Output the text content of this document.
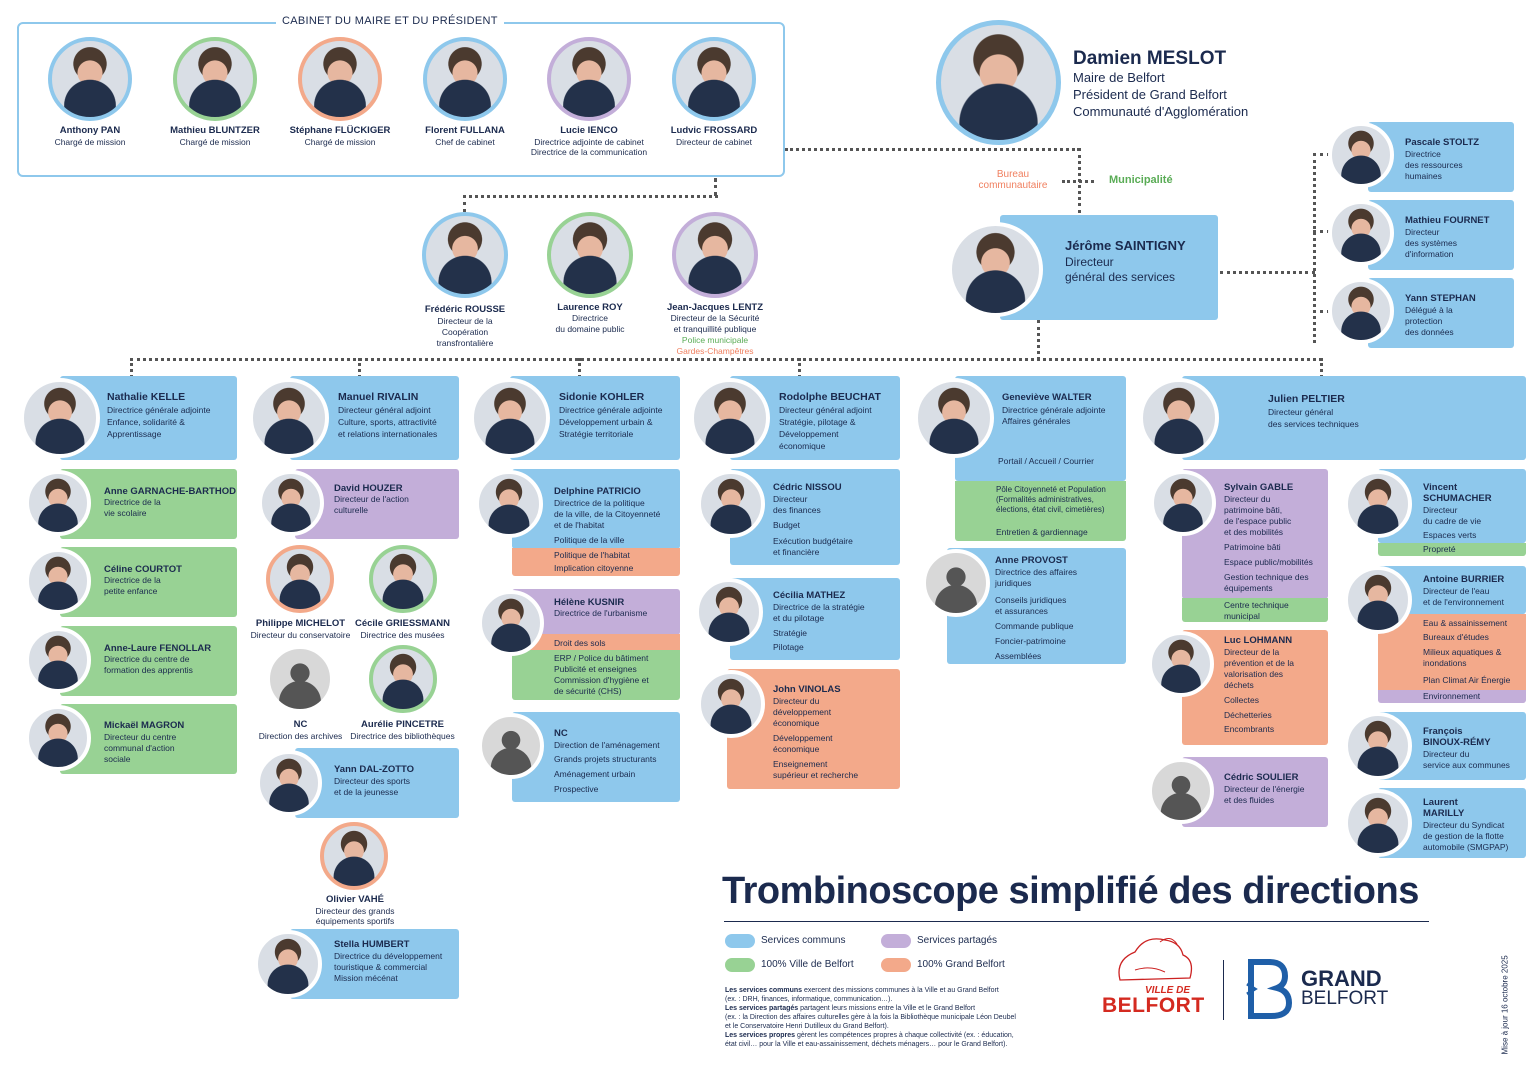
CABINET DU MAIRE ET DU PRÉSIDENT
Anthony PAN
Chargé de mission
Mathieu BLUNTZER
Chargé de mission
Stéphane FLÜCKIGER
Chargé de mission
Florent FULLANA
Chef de cabinet
Lucie IENCO
Directrice adjointe de cabinet
Directrice de la communication
Ludvic FROSSARD
Directeur de cabinet
Damien MESLOT
Maire de Belfort
Président de Grand Belfort
Communauté d'Agglomération
Bureau
communautaire	Municipalité
Jérôme SAINTIGNY
Directeur
général des services
Pascale STOLTZ
Directrice
des ressources
humaines
Mathieu FOURNET
Directeur
des systèmes
d'information
Yann STEPHAN
Délégué à la
protection
des données
Frédéric ROUSSE
Directeur de la
Coopération
transfrontalière
Laurence ROY
Directrice
du domaine public
Jean-Jacques LENTZ
Directeur de la Sécurité
et tranquillité publique
Police municipale
Gardes-Champêtres
Nathalie KELLE
Directrice générale adjointe
Enfance, solidarité &
Apprentissage
Anne GARNACHE-BARTHOD
Directrice de la
vie scolaire
Céline COURTOT
Directrice de la
petite enfance
Anne-Laure FENOLLAR
Directrice du centre de
formation des apprentis
Mickaël MAGRON
Directeur du centre
communal d'action
sociale
Manuel RIVALIN
Directeur général adjoint
Culture, sports, attractivité
et relations internationales
David HOUZER
Directeur de l'action
culturelle
Philippe MICHELOT
Directeur du conservatoire
Cécile GRIESSMANN
Directrice des musées
NC
Direction des archives
Aurélie PINCETRE
Directrice des bibliothèques
Yann DAL-ZOTTO
Directeur des sports
et de la jeunesse
Olivier VAHÉ
Directeur des grands
équipements sportifs
Stella HUMBERT
Directrice du développement
touristique & commercial
Mission mécénat
Sidonie KOHLER
Directrice générale adjointe
Développement urbain &
Stratégie territoriale
Delphine PATRICIO
Directrice de la politique
de la ville, de la Citoyenneté
et de l'habitat
Politique de la ville
Politique de l'habitat
Implication citoyenne
Hélène KUSNIR
Directrice de l'urbanisme
Droit des sols
ERP / Police du bâtiment
Publicité et enseignes
Commission d'hygiène et
de sécurité (CHS)
NC
Direction de l'aménagement
Grands projets structurants
Aménagement urbain
Prospective
Rodolphe BEUCHAT
Directeur général adjoint
Stratégie, pilotage &
Développement
économique
Cédric NISSOU
Directeur
des finances
Budget
Exécution budgétaire
et financière
Cécilia MATHEZ
Directrice de la stratégie
et du pilotage
Stratégie
Pilotage
John VINOLAS
Directeur du
développement
économique
Développement
économique
Enseignement
supérieur et recherche
Geneviève WALTER
Directrice générale adjointe
Affaires générales
Portail / Accueil / Courrier
Pôle Citoyenneté et Population
(Formalités administratives,
élections, état civil, cimetières)
Entretien & gardiennage
Anne PROVOST
Directrice des affaires
juridiques
Conseils juridiques
et assurances
Commande publique
Foncier-patrimoine
Assemblées
Julien PELTIER
Directeur général
des services techniques
Sylvain GABLE
Directeur du
patrimoine bâti,
de l'espace public
et des mobilités
Patrimoine bâti
Espace public/mobilités
Gestion technique des
équipements
Centre technique
municipal
Luc LOHMANN
Directeur de la
prévention et de la
valorisation des
déchets
Collectes
Déchetteries
Encombrants
Cédric SOULIER
Directeur de l'énergie
et des fluides
Vincent
SCHUMACHER
Directeur
du cadre de vie
Espaces verts
Propreté
Antoine BURRIER
Directeur de l'eau
et de l'environnement
Eau & assainissement
Bureaux d'études
Milieux aquatiques &
inondations
Plan Climat Air Énergie
Environnement
François
BINOUX-RÉMY
Directeur du
service aux communes
Laurent
MARILLY
Directeur du Syndicat
de gestion de la flotte
automobile (SMGPAP)
Trombinoscope simplifié des directions
Services communs	Services partagés
100% Ville de Belfort	100% Grand Belfort
Les services communs exercent des missions communes à la Ville et au Grand Belfort
(ex. : DRH, finances, informatique, communication…).
Les services partagés partagent leurs missions entre la Ville et le Grand Belfort
(ex. : la Direction des affaires culturelles gère à la fois la Bibliothèque municipale Léon Deubel
et le Conservatoire Henri Dutilleux du Grand Belfort).
Les services propres gèrent les compétences propres à chaque collectivité (ex. : éducation,
état civil… pour la Ville et eau-assainissement, déchets ménagers… pour le Grand Belfort).
VILLE DE
BELFORT
GRAND
BELFORT	Mise à jour 16 octobre 2025
